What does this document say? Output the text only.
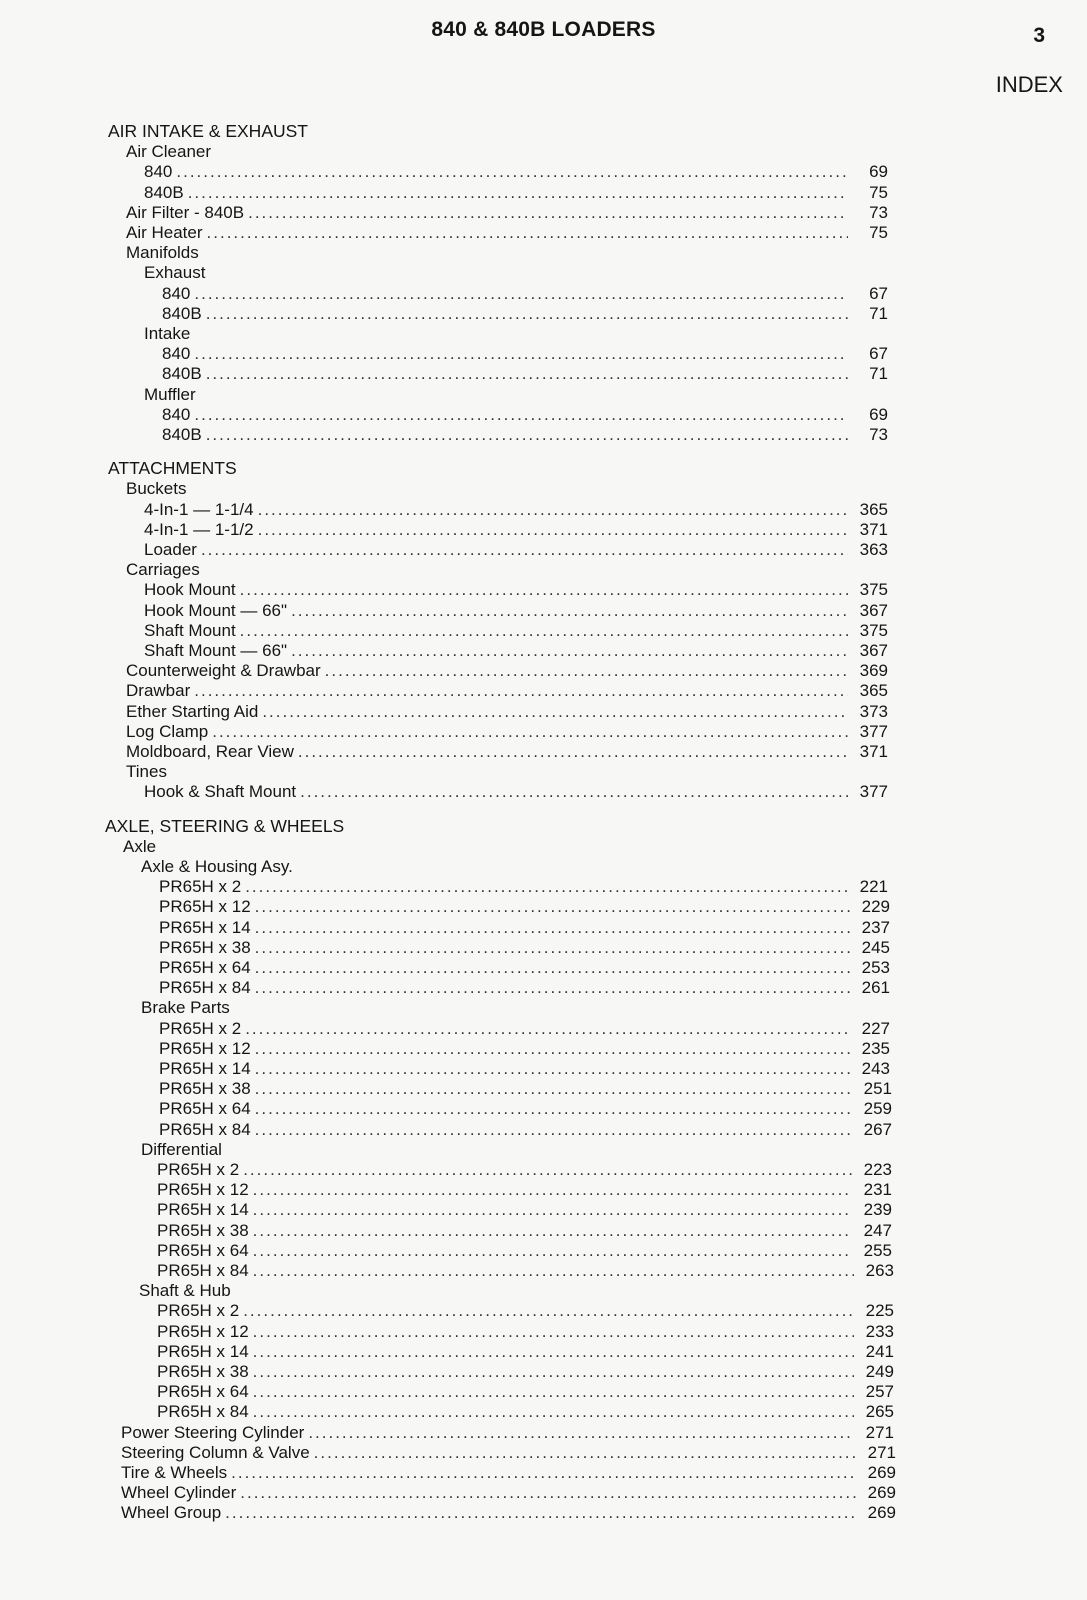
840 & 840B LOADERS	3
INDEX
AIR INTAKE & EXHAUST
Air Cleaner
840 .....	69
840B .....	75
Air Filter - 840B .....	73
Air Heater .....	75
Manifolds
Exhaust
840 .....	67
840B .....	71
Intake
840 .....	67
840B .....	71
Muffler
840 .....	69
840B .....	73
ATTACHMENTS
Buckets
4-In-1 — 1-1/4 .....	365
4-In-1 — 1-1/2 .....	371
Loader .....	363
Carriages
Hook Mount .....	375
Hook Mount — 66" .....	367
Shaft Mount .....	375
Shaft Mount — 66" .....	367
Counterweight & Drawbar .....	369
Drawbar .....	365
Ether Starting Aid .....	373
Log Clamp .....	377
Moldboard, Rear View .....	371
Tines
Hook & Shaft Mount .....	377
AXLE, STEERING & WHEELS
Axle
Axle & Housing Asy.
PR65H x 2 .....	221
PR65H x 12 .....	229
PR65H x 14 .....	237
PR65H x 38 .....	245
PR65H x 64 .....	253
PR65H x 84 .....	261
Brake Parts
PR65H x 2 .....	227
PR65H x 12 .....	235
PR65H x 14 .....	243
PR65H x 38 .....	251
PR65H x 64 .....	259
PR65H x 84 .....	267
Differential
PR65H x 2 .....	223
PR65H x 12 .....	231
PR65H x 14 .....	239
PR65H x 38 .....	247
PR65H x 64 .....	255
PR65H x 84 .....	263
Shaft & Hub
PR65H x 2 .....	225
PR65H x 12 .....	233
PR65H x 14 .....	241
PR65H x 38 .....	249
PR65H x 64 .....	257
PR65H x 84 .....	265
Power Steering Cylinder .....	271
Steering Column & Valve .....	271
Tire & Wheels .....	269
Wheel Cylinder .....	269
Wheel Group .....	269
